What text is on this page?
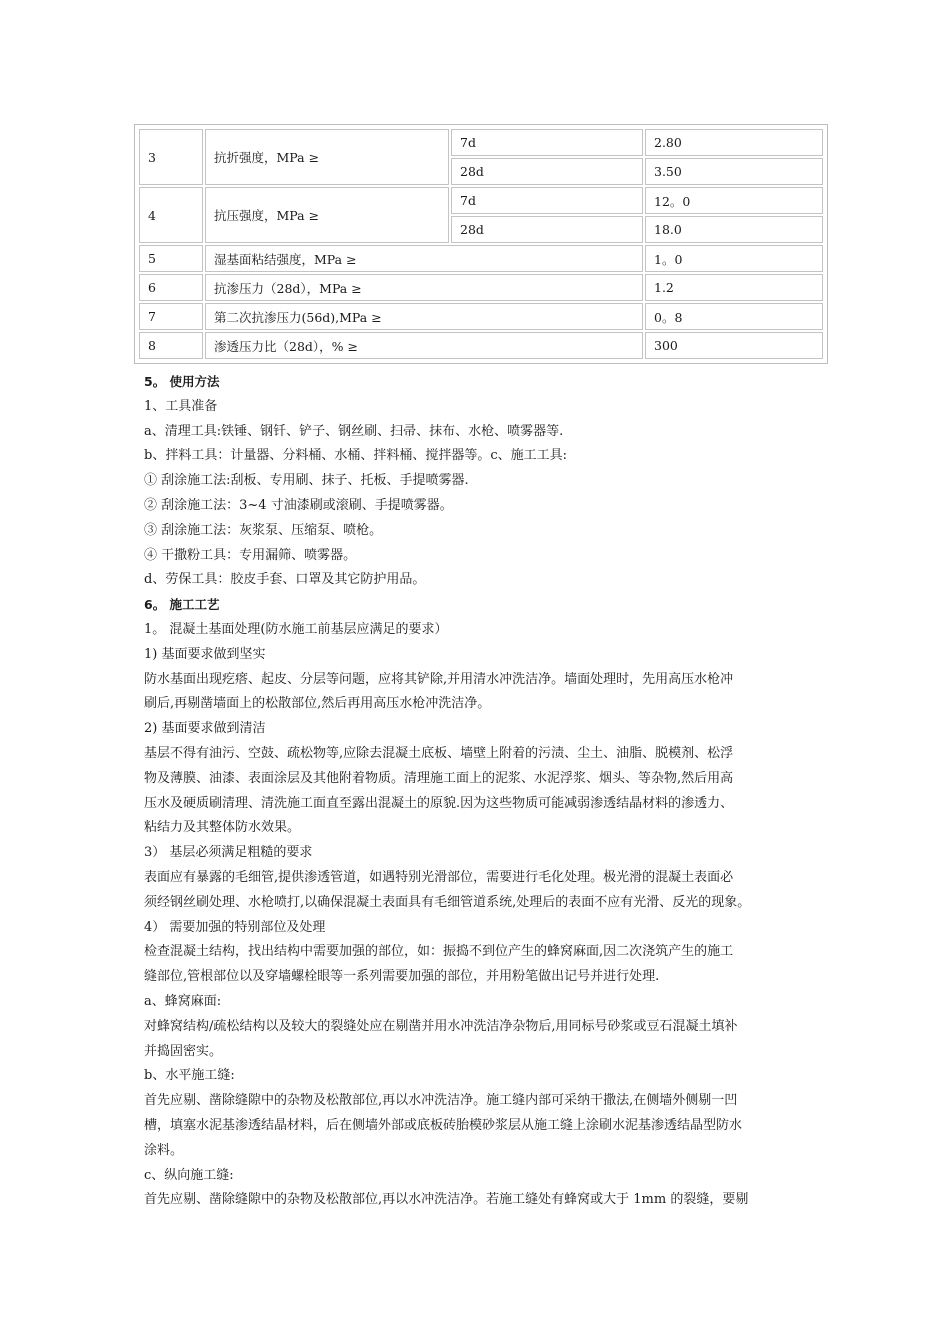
3	抗折强度，MPa ≥	7d	2.80
		28d	3.50
4	抗压强度，MPa ≥	7d	12。0
		28d	18.0
5	湿基面粘结强度，MPa ≥		1。0
6	抗渗压力（28d），MPa ≥		1.2
7	第二次抗渗压力(56d),MPa ≥		0。8
8	渗透压力比（28d），% ≥		300
5。 使用方法
1、工具准备
a、清理工具:铁锤、钢钎、铲子、钢丝刷、扫帚、抹布、水枪、喷雾器等.
b、拌料工具：计量器、分料桶、水桶、拌料桶、搅拌器等。c、施工工具:
① 刮涂施工法:刮板、专用刷、抹子、托板、手提喷雾器.
② 刮涂施工法：3~4 寸油漆刷或滚刷、手提喷雾器。
③ 刮涂施工法：灰浆泵、压缩泵、喷枪。
④ 干撒粉工具：专用漏筛、喷雾器。
d、劳保工具：胶皮手套、口罩及其它防护用品。
6。 施工工艺
1。 混凝土基面处理(防水施工前基层应满足的要求）
1) 基面要求做到坚实
防水基面出现疙瘩、起皮、分层等问题，应将其铲除,并用清水冲洗洁净。墙面处理时，先用高压水枪冲
刷后,再剔凿墙面上的松散部位,然后再用高压水枪冲洗洁净。
2) 基面要求做到清洁
基层不得有油污、空鼓、疏松物等,应除去混凝土底板、墙壁上附着的污渍、尘土、油脂、脱模剂、松浮
物及薄膜、油漆、表面涂层及其他附着物质。清理施工面上的泥浆、水泥浮浆、烟头、等杂物,然后用高
压水及硬质刷清理、清洗施工面直至露出混凝土的原貌.因为这些物质可能减弱渗透结晶材料的渗透力、
粘结力及其整体防水效果。
3） 基层必须满足粗糙的要求
表面应有暴露的毛细管,提供渗透管道，如遇特别光滑部位，需要进行毛化处理。极光滑的混凝土表面必
须经钢丝刷处理、水枪喷打,以确保混凝土表面具有毛细管道系统,处理后的表面不应有光滑、反光的现象。
4） 需要加强的特别部位及处理
检查混凝土结构，找出结构中需要加强的部位，如：振捣不到位产生的蜂窝麻面,因二次浇筑产生的施工
缝部位,管根部位以及穿墙螺栓眼等一系列需要加强的部位，并用粉笔做出记号并进行处理.
a、蜂窝麻面:
对蜂窝结构/疏松结构以及较大的裂缝处应在剔凿并用水冲洗洁净杂物后,用同标号砂浆或豆石混凝土填补
并捣固密实。
b、水平施工缝:
首先应剔、凿除缝隙中的杂物及松散部位,再以水冲洗洁净。施工缝内部可采纳干撒法,在侧墙外侧剔一凹
槽，填塞水泥基渗透结晶材料，后在侧墙外部或底板砖胎模砂浆层从施工缝上涂刷水泥基渗透结晶型防水
涂料。
c、纵向施工缝:
首先应剔、凿除缝隙中的杂物及松散部位,再以水冲洗洁净。若施工缝处有蜂窝或大于 1mm 的裂缝，要剔
